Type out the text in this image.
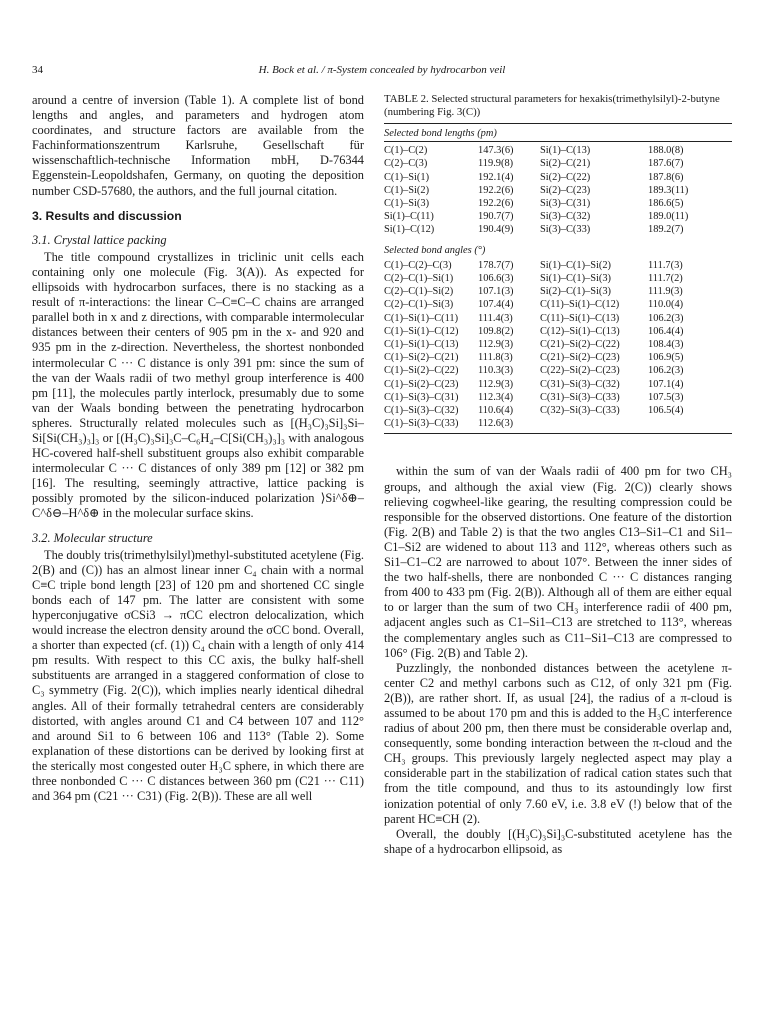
34	H. Bock et al. / π-System concealed by hydrocarbon veil

around a centre of inversion (Table 1). A complete list of bond lengths and angles, and parameters and hydrogen atom coordinates, and structure factors are available from the Fachinformationszentrum Karlsruhe, Gesellschaft für wissenschaftlich-technische Information mbH, D-76344 Eggenstein-Leopoldshafen, Germany, on quoting the deposition number CSD-57680, the authors, and the full journal citation.

3. Results and discussion
3.1. Crystal lattice packing

The title compound crystallizes in triclinic unit cells each containing only one molecule (Fig. 3(A)). As expected for ellipsoids with hydrocarbon surfaces, there is no stacking as a result of π-interactions: the linear C–C≡C–C chains are arranged parallel both in x and z directions, with comparable intermolecular distances between their centers of 905 pm in the x- and 920 and 935 pm in the z-direction. Nevertheless, the shortest nonbonded intermolecular C ··· C distance is only 391 pm: since the sum of the van der Waals radii of two methyl group interference is 400 pm [11], the molecules partly interlock, presumably due to some van der Waals bonding between the penetrating hydrocarbon spheres. Structurally related molecules such as [(H₃C)₃Si]₃Si–Si[Si(CH₃)₃]₃ or [(H₃C)₃Si]₃C–C₆H₄–C[Si(CH₃)₃]₃ with analogous HC-covered half-shell substituent groups also exhibit comparable intermolecular C ··· C distances of only 389 pm [12] or 382 pm [16]. The resulting, seemingly attractive, lattice packing is possibly promoted by the silicon-induced polarization ⟩Si^δ⊕–C^δ⊖–H^δ⊕ in the molecular surface skins.

3.2. Molecular structure

The doubly tris(trimethylsilyl)methyl-substituted acetylene (Fig. 2(B) and (C)) has an almost linear inner C₄ chain with a normal C≡C triple bond length [23] of 120 pm and shortened CC single bonds each of 147 pm. The latter are consistent with some hyperconjugative σCSi3 → πCC electron delocalization, which would increase the electron density around the σCC bond. Overall, a shorter than expected (cf. (1)) C₄ chain with a length of only 414 pm results. With respect to this CC axis, the bulky half-shell substituents are arranged in a staggered conformation of close to C₃ symmetry (Fig. 2(C)), which implies nearly identical dihedral angles. All of their formally tetrahedral centers are considerably distorted, with angles around C1 and C4 between 107 and 112° and around Si1 to 6 between 106 and 113° (Table 2). Some explanation of these distortions can be derived by looking first at the sterically most congested outer H₃C sphere, in which there are three nonbonded C ··· C distances between 360 pm (C21 ··· C11) and 364 pm (C21 ··· C31) (Fig. 2(B)). These are all well

TABLE 2. Selected structural parameters for hexakis(trimethylsilyl)-2-butyne (numbering Fig. 3(C))
Selected bond lengths (pm)
C(1)–C(2)	147.3(6)	Si(1)–C(13)	188.0(8)
C(2)–C(3)	119.9(8)	Si(2)–C(21)	187.6(7)
C(1)–Si(1)	192.1(4)	Si(2)–C(22)	187.8(6)
C(1)–Si(2)	192.2(6)	Si(2)–C(23)	189.3(11)
C(1)–Si(3)	192.2(6)	Si(3)–C(31)	186.6(5)
Si(1)–C(11)	190.7(7)	Si(3)–C(32)	189.0(11)
Si(1)–C(12)	190.4(9)	Si(3)–C(33)	189.2(7)
Selected bond angles (°)
C(1)–C(2)–C(3)	178.7(7)	Si(1)–C(1)–Si(2)	111.7(3)
C(2)–C(1)–Si(1)	106.6(3)	Si(1)–C(1)–Si(3)	111.7(2)
C(2)–C(1)–Si(2)	107.1(3)	Si(2)–C(1)–Si(3)	111.9(3)
C(2)–C(1)–Si(3)	107.4(4)	C(11)–Si(1)–C(12)	110.0(4)
C(1)–Si(1)–C(11)	111.4(3)	C(11)–Si(1)–C(13)	106.2(3)
C(1)–Si(1)–C(12)	109.8(2)	C(12)–Si(1)–C(13)	106.4(4)
C(1)–Si(1)–C(13)	112.9(3)	C(21)–Si(2)–C(22)	108.4(3)
C(1)–Si(2)–C(21)	111.8(3)	C(21)–Si(2)–C(23)	106.9(5)
C(1)–Si(2)–C(22)	110.3(3)	C(22)–Si(2)–C(23)	106.2(3)
C(1)–Si(2)–C(23)	112.9(3)	C(31)–Si(3)–C(32)	107.1(4)
C(1)–Si(3)–C(31)	112.3(4)	C(31)–Si(3)–C(33)	107.5(3)
C(1)–Si(3)–C(32)	110.6(4)	C(32)–Si(3)–C(33)	106.5(4)
C(1)–Si(3)–C(33)	112.6(3)

within the sum of van der Waals radii of 400 pm for two CH₃ groups, and although the axial view (Fig. 2(C)) clearly shows relieving cogwheel-like gearing, the resulting compression could be responsible for the observed distortions. One feature of the distortion (Fig. 2(B) and Table 2) is that the two angles C13–Si1–C1 and Si1–C1–Si2 are widened to about 113 and 112°, whereas others such as Si1–C1–C2 are narrowed to about 107°. Between the inner sides of the two half-shells, there are nonbonded C ··· C distances ranging from 400 to 433 pm (Fig. 2(B)). Although all of them are either equal to or larger than the sum of two CH₃ interference radii of 400 pm, adjacent angles such as C1–Si1–C13 are stretched to 113°, whereas the complementary angles such as C11–Si1–C13 are compressed to 106° (Fig. 2(B) and Table 2).

Puzzlingly, the nonbonded distances between the acetylene π-center C2 and methyl carbons such as C12, of only 321 pm (Fig. 2(B)), are rather short. If, as usual [24], the radius of a π-cloud is assumed to be about 170 pm and this is added to the H₃C interference radius of about 200 pm, then there must be considerable overlap and, consequently, some bonding interaction between the π-cloud and the CH₃ groups. This previously largely neglected aspect may play a considerable part in the stabilization of radical cation states such that from the title compound, and thus to its astoundingly low first ionization potential of only 7.60 eV, i.e. 3.8 eV (!) below that of the parent HC≡CH (2).

Overall, the doubly [(H₃C)₃Si]₃C-substituted acetylene has the shape of a hydrocarbon ellipsoid, as
